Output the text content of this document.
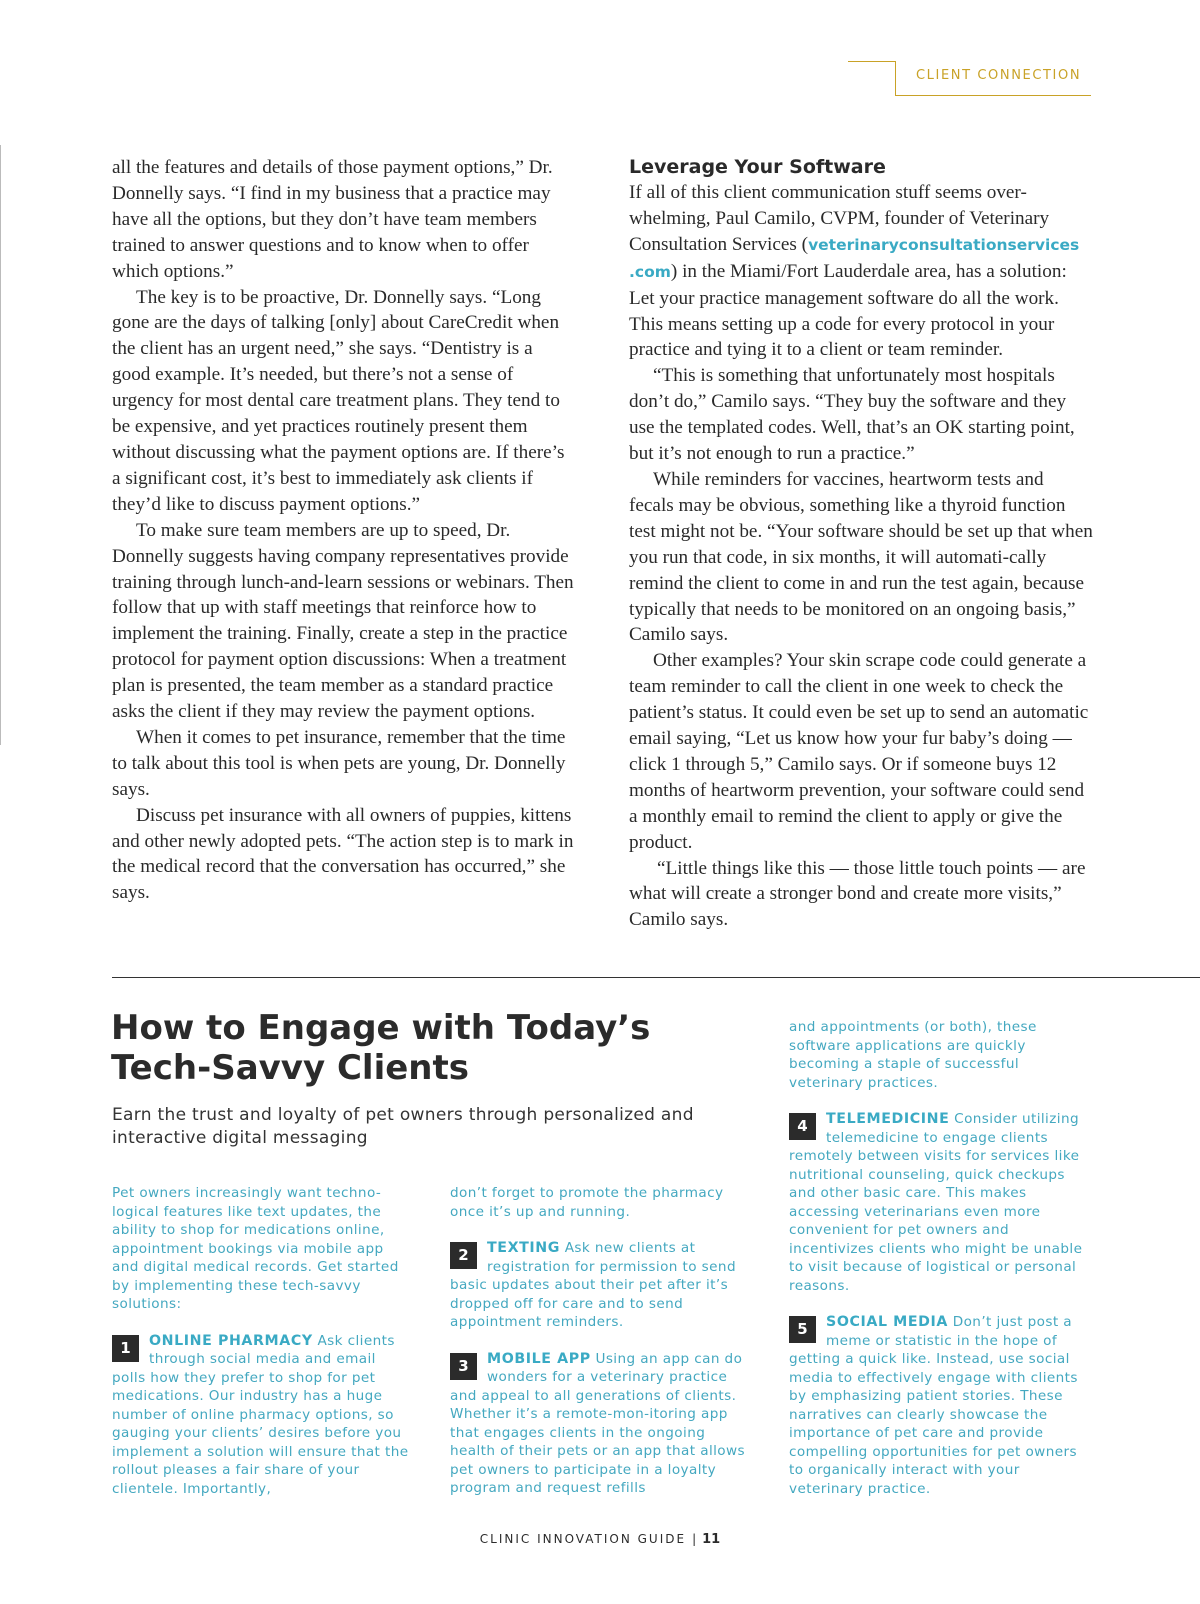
CLIENT CONNECTION

all the features and details of those payment options,” Dr. Donnelly says. “I find in my business that a practice may have all the options, but they don’t have team members trained to answer questions and to know when to offer which options.”

The key is to be proactive, Dr. Donnelly says. “Long gone are the days of talking [only] about CareCredit when the client has an urgent need,” she says. “Dentistry is a good example. It’s needed, but there’s not a sense of urgency for most dental care treatment plans. They tend to be expensive, and yet practices routinely present them without discussing what the payment options are. If there’s a significant cost, it’s best to immediately ask clients if they’d like to discuss payment options.”

To make sure team members are up to speed, Dr. Donnelly suggests having company representatives provide training through lunch-and-learn sessions or webinars. Then follow that up with staff meetings that reinforce how to implement the training. Finally, create a step in the practice protocol for payment option discussions: When a treatment plan is presented, the team member as a standard practice asks the client if they may review the payment options.

When it comes to pet insurance, remember that the time to talk about this tool is when pets are young, Dr. Donnelly says.

Discuss pet insurance with all owners of puppies, kittens and other newly adopted pets. “The action step is to mark in the medical record that the conversation has occurred,” she says.

Leverage Your Software

If all of this client communication stuff seems over-whelming, Paul Camilo, CVPM, founder of Veterinary Consultation Services (veterinaryconsultationservices .com) in the Miami/Fort Lauderdale area, has a solution: Let your practice management software do all the work. This means setting up a code for every protocol in your practice and tying it to a client or team reminder.

“This is something that unfortunately most hospitals don’t do,” Camilo says. “They buy the software and they use the templated codes. Well, that’s an OK starting point, but it’s not enough to run a practice.”

While reminders for vaccines, heartworm tests and fecals may be obvious, something like a thyroid function test might not be. “Your software should be set up that when you run that code, in six months, it will automati-cally remind the client to come in and run the test again, because typically that needs to be monitored on an ongoing basis,” Camilo says.

Other examples? Your skin scrape code could generate a team reminder to call the client in one week to check the patient’s status. It could even be set up to send an automatic email saying, “Let us know how your fur baby’s doing — click 1 through 5,” Camilo says. Or if someone buys 12 months of heartworm prevention, your software could send a monthly email to remind the client to apply or give the product.

“Little things like this — those little touch points — are what will create a stronger bond and create more visits,” Camilo says.

How to Engage with Today’s Tech-Savvy Clients

Earn the trust and loyalty of pet owners through personalized and interactive digital messaging

Pet owners increasingly want techno-logical features like text updates, the ability to shop for medications online, appointment bookings via mobile app and digital medical records. Get started by implementing these tech-savvy solutions:

1	ONLINE PHARMACY Ask clients through social media and email polls how they prefer to shop for pet medications. Our industry has a huge number of online pharmacy options, so gauging your clients’ desires before you implement a solution will ensure that the rollout pleases a fair share of your clientele. Importantly,

don’t forget to promote the pharmacy once it’s up and running.

2	TEXTING Ask new clients at registration for permission to send basic updates about their pet after it’s dropped off for care and to send appointment reminders.

3	MOBILE APP Using an app can do wonders for a veterinary practice and appeal to all generations of clients. Whether it’s a remote-mon-itoring app that engages clients in the ongoing health of their pets or an app that allows pet owners to participate in a loyalty program and request refills

and appointments (or both), these software applications are quickly becoming a staple of successful veterinary practices.

4	TELEMEDICINE Consider utilizing telemedicine to engage clients remotely between visits for services like nutritional counseling, quick checkups and other basic care. This makes accessing veterinarians even more convenient for pet owners and incentivizes clients who might be unable to visit because of logistical or personal reasons.

5	SOCIAL MEDIA Don’t just post a meme or statistic in the hope of getting a quick like. Instead, use social media to effectively engage with clients by emphasizing patient stories. These narratives can clearly showcase the importance of pet care and provide compelling opportunities for pet owners to organically interact with your veterinary practice.

CLINIC INNOVATION GUIDE | 11
